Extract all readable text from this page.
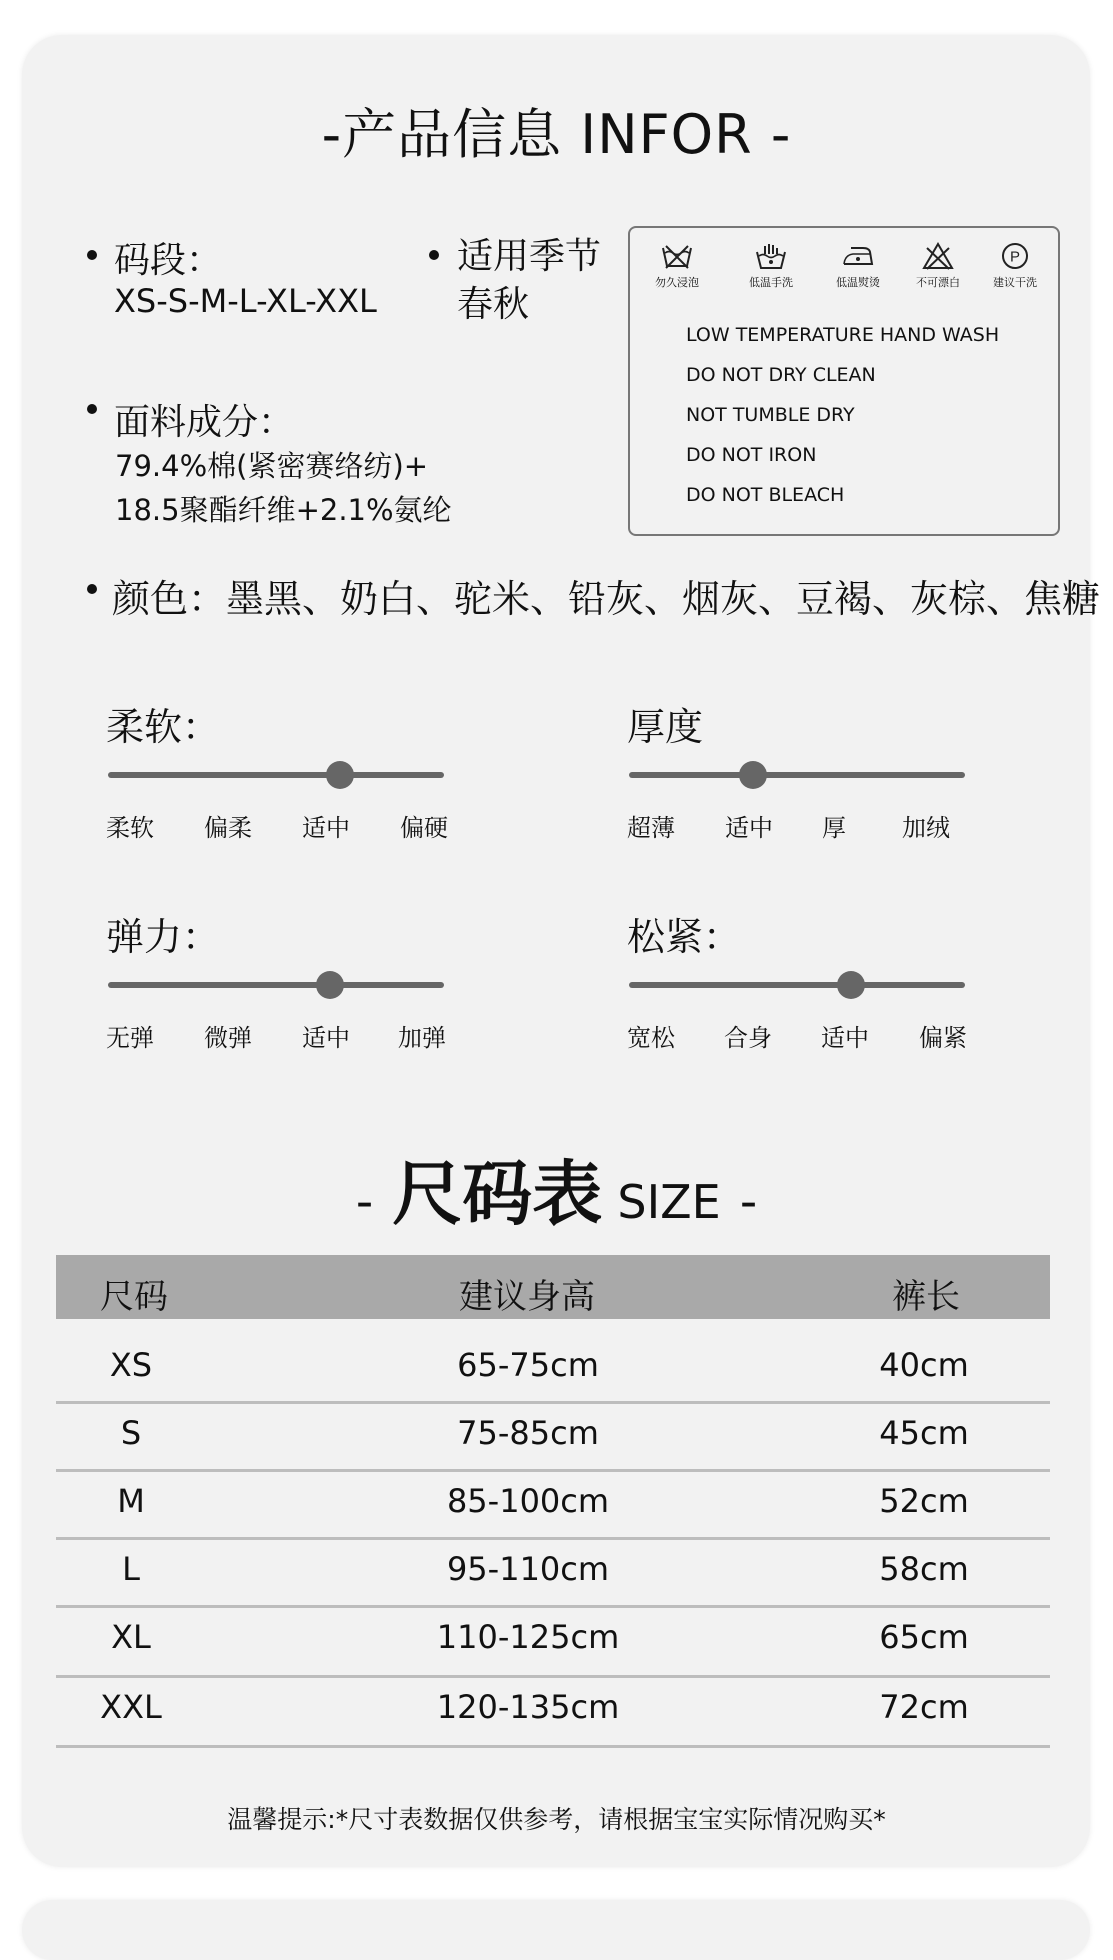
-产品信息 INFOR -
码段：
XS-S-M-L-XL-XXL
适用季节
春秋
面料成分：
79.4%棉(紧密赛络纺)+
18.5聚酯纤维+2.1%氨纶
勿久浸泡	低温手洗	低温熨烫	不可漂白
P
建议干洗
LOW TEMPERATURE HAND WASH
DO NOT DRY CLEAN
NOT TUMBLE DRY
DO NOT IRON
DO NOT BLEACH
颜色：墨黑、奶白、驼米、铅灰、烟灰、豆褐、灰棕、焦糖
柔软：
柔软 偏柔 适中 偏硬
厚度
超薄 适中 厚 加绒
弹力：
无弹 微弹 适中 加弹
松紧：
宽松 合身 适中 偏紧
- 尺码表 SIZE -
尺码	建议身高	裤长
XS	65-75cm	40cm
S	75-85cm	45cm
M	85-100cm	52cm
L	95-110cm	58cm
XL	110-125cm	65cm
XXL	120-135cm	72cm
温馨提示:*尺寸表数据仅供参考，请根据宝宝实际情况购买*
